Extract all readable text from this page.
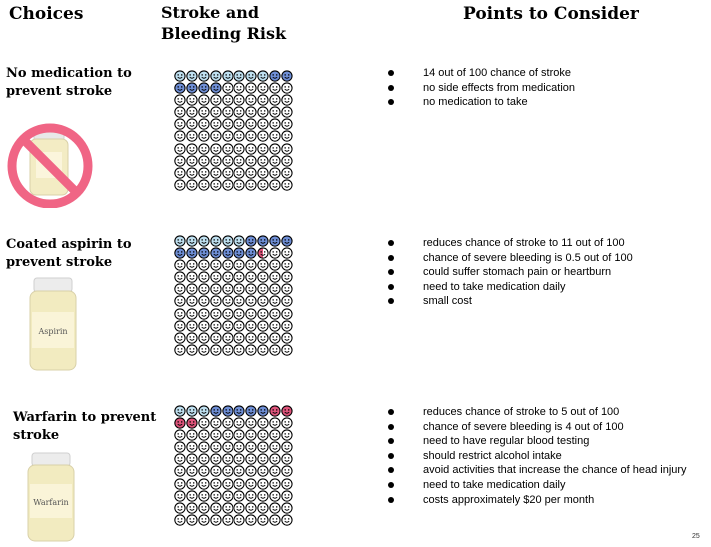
Choices	Stroke and Bleeding Risk
Points to Consider
No medication to prevent stroke
14 out of 100 chance of stroke
no side effects from medication
no medication to take
Coated aspirin to prevent stroke
Aspirin
reduces chance of stroke to 11 out of 100
chance of severe bleeding is 0.5 out of 100
could suffer stomach pain or heartburn
need to take medication daily
small cost
Warfarin to prevent stroke
Warfarin
reduces chance of stroke to 5 out of 100
chance of severe bleeding is 4 out of 100
need to have regular blood testing
should restrict alcohol intake
avoid activities that increase the chance of head injury
need to take medication daily
costs approximately $20 per month
25
